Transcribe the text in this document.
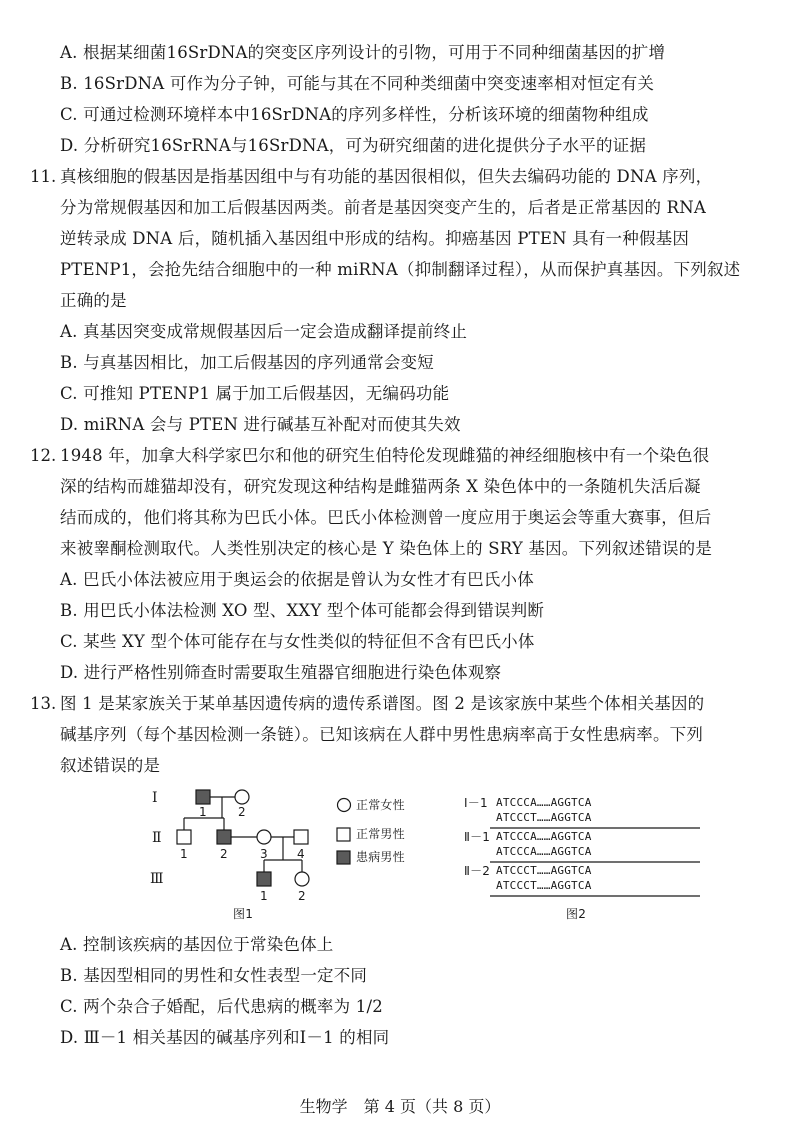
A. 根据某细菌16SrDNA的突变区序列设计的引物，可用于不同种细菌基因的扩增
B. 16SrDNA 可作为分子钟，可能与其在不同种类细菌中突变速率相对恒定有关
C. 可通过检测环境样本中16SrDNA的序列多样性，分析该环境的细菌物种组成
D. 分析研究16SrRNA与16SrDNA，可为研究细菌的进化提供分子水平的证据
11. 真核细胞的假基因是指基因组中与有功能的基因很相似，但失去编码功能的 DNA 序列，
分为常规假基因和加工后假基因两类。前者是基因突变产生的，后者是正常基因的 RNA
逆转录成 DNA 后，随机插入基因组中形成的结构。抑癌基因 PTEN 具有一种假基因
PTENP1，会抢先结合细胞中的一种 miRNA（抑制翻译过程），从而保护真基因。下列叙述
正确的是
A. 真基因突变成常规假基因后一定会造成翻译提前终止
B. 与真基因相比，加工后假基因的序列通常会变短
C. 可推知 PTENP1 属于加工后假基因，无编码功能
D. miRNA 会与 PTEN 进行碱基互补配对而使其失效
12. 1948 年，加拿大科学家巴尔和他的研究生伯特伦发现雌猫的神经细胞核中有一个染色很
深的结构而雄猫却没有，研究发现这种结构是雌猫两条 X 染色体中的一条随机失活后凝
结而成的，他们将其称为巴氏小体。巴氏小体检测曾一度应用于奥运会等重大赛事，但后
来被睾酮检测取代。人类性别决定的核心是 Y 染色体上的 SRY 基因。下列叙述错误的是
A. 巴氏小体法被应用于奥运会的依据是曾认为女性才有巴氏小体
B. 用巴氏小体法检测 XO 型、XXY 型个体可能都会得到错误判断
C. 某些 XY 型个体可能存在与女性类似的特征但不含有巴氏小体
D. 进行严格性别筛查时需要取生殖器官细胞进行染色体观察
13. 图 1 是某家族关于某单基因遗传病的遗传系谱图。图 2 是该家族中某些个体相关基因的
碱基序列（每个基因检测一条链）。已知该病在人群中男性患病率高于女性患病率。下列
叙述错误的是
Ⅰ
Ⅱ
Ⅲ
1	2
1	2	3 4
1	2
图1
正常女性
正常男性
患病男性
Ⅰ－1 ATCCCA……AGGTCA
ATCCCT……AGGTCA
Ⅱ－1 ATCCCA……AGGTCA
ATCCCA……AGGTCA
Ⅱ－2 ATCCCT……AGGTCA
ATCCCT……AGGTCA
图2
A. 控制该疾病的基因位于常染色体上
B. 基因型相同的男性和女性表型一定不同
C. 两个杂合子婚配，后代患病的概率为 1/2
D. Ⅲ－1 相关基因的碱基序列和Ⅰ－1 的相同
生物学　第 4 页（共 8 页）
